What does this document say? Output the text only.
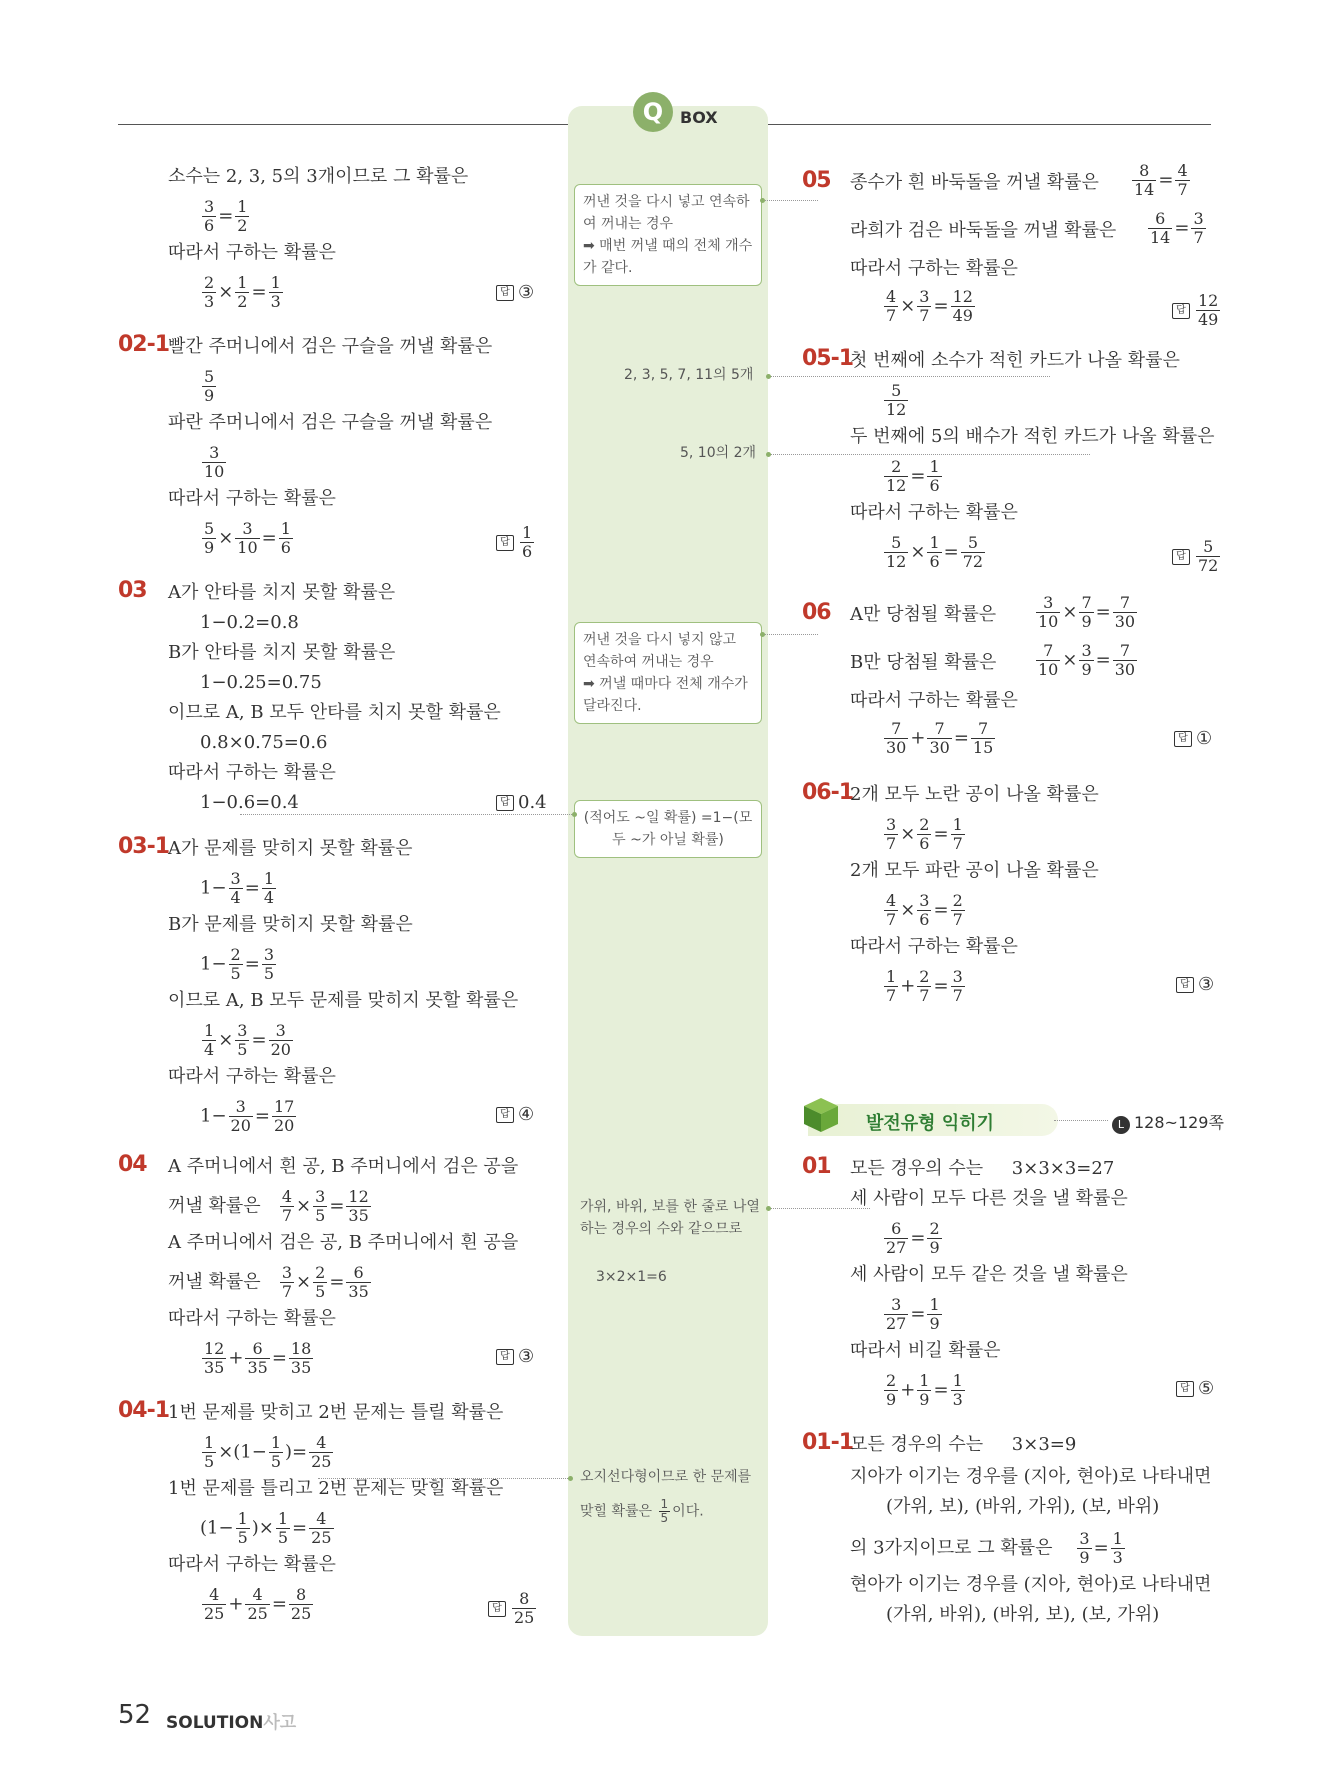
Q	BOX
소수는 2, 3, 5의 3개이므로 그 확률은
$\frac{3}{6} = \frac{1}{2}$
따라서 구하는 확률은
$\frac{2}{3} \times \frac{1}{2} = \frac{1}{3}$	답 ③
02-1
빨간 주머니에서 검은 구슬을 꺼낼 확률은
$\frac{5}{9}$
파란 주머니에서 검은 구슬을 꺼낼 확률은
$\frac{3}{10}$
따라서 구하는 확률은
$\frac{5}{9} \times \frac{3}{10} = \frac{1}{6}$	답 $\frac{1}{6}$
03 A가 안타를 치지 못할 확률은
1−0.2=0.8
B가 안타를 치지 못할 확률은
1−0.25=0.75
이므로 A, B 모두 안타를 치지 못할 확률은
0.8×0.75=0.6
따라서 구하는 확률은
1−0.6=0.4	답 0.4
03-1
A가 문제를 맞히지 못할 확률은
$1- \frac{3}{4} = \frac{1}{4}$
B가 문제를 맞히지 못할 확률은
$1- \frac{2}{5} = \frac{3}{5}$
이므로 A, B 모두 문제를 맞히지 못할 확률은
$\frac{1}{4} \times \frac{3}{5} = \frac{3}{20}$
따라서 구하는 확률은
$1- \frac{3}{20} = \frac{17}{20}$	답 ④
04 A 주머니에서 흰 공, B 주머니에서 검은 공을
꺼낼 확률은 $\frac{4}{7} \times \frac{3}{5} = \frac{12}{35}$
A 주머니에서 검은 공, B 주머니에서 흰 공을
꺼낼 확률은 $\frac{3}{7} \times \frac{2}{5} = \frac{6}{35}$
따라서 구하는 확률은
$\frac{12}{35} + \frac{6}{35} = \frac{18}{35}$	답 ③
04-1
1번 문제를 맞히고 2번 문제는 틀릴 확률은
$\frac{1}{5} \times(1- \frac{1}{5}$ )= $\frac{4}{25}$
1번 문제를 틀리고 2번 문제는 맞힐 확률은
($1- \frac{1}{5}$ )× $\frac{1}{5} = \frac{4}{25}$
따라서 구하는 확률은
$\frac{4}{25} + \frac{4}{25} = \frac{8}{25}$	답 $\frac{8}{25}$
꺼낸 것을 다시 넣고 연속하여 꺼내는 경우
➡ 매번 꺼낼 때의 전체 개수가 같다.
2, 3, 5, 7, 11의 5개
5, 10의 2개
꺼낸 것을 다시 넣지 않고 연속하여 꺼내는 경우
➡ 꺼낼 때마다 전체 개수가 달라진다.
(적어도 ~일 확률) =1−(모두 ~가 아닐 확률)
가위, 바위, 보를 한 줄로 나열하는 경우의 수와 같으므로
3×2×1=6
오지선다형이므로 한 문제를
맞힐 확률은 $\frac{1}{5}$ 이다.
05 종수가 흰 바둑돌을 꺼낼 확률은 $\frac{8}{14} = \frac{4}{7}$
라희가 검은 바둑돌을 꺼낼 확률은 $\frac{6}{14} = \frac{3}{7}$
따라서 구하는 확률은
$\frac{4}{7} \times \frac{3}{7} = \frac{12}{49}$	답 $\frac{12}{49}$
05-1
첫 번째에 소수가 적힌 카드가 나올 확률은
$\frac{5}{12}$
두 번째에 5의 배수가 적힌 카드가 나올 확률은
$\frac{2}{12} = \frac{1}{6}$
따라서 구하는 확률은
$\frac{5}{12} \times \frac{1}{6} = \frac{5}{72}$	답 $\frac{5}{72}$
06 A만 당첨될 확률은 $\frac{3}{10} \times \frac{7}{9} = \frac{7}{30}$
B만 당첨될 확률은 $\frac{7}{10} \times \frac{3}{9} = \frac{7}{30}$
따라서 구하는 확률은
$\frac{7}{30} + \frac{7}{30} = \frac{7}{15}$	답 ①
06-1
2개 모두 노란 공이 나올 확률은
$\frac{3}{7} \times \frac{2}{6} = \frac{1}{7}$
2개 모두 파란 공이 나올 확률은
$\frac{4}{7} \times \frac{3}{6} = \frac{2}{7}$
따라서 구하는 확률은
$\frac{1}{7} + \frac{2}{7} = \frac{3}{7}$	답 ③
발전유형 익히기	L 128~129쪽
01 모든 경우의 수는 3×3×3=27
세 사람이 모두 다른 것을 낼 확률은
$\frac{6}{27} = \frac{2}{9}$
세 사람이 모두 같은 것을 낼 확률은
$\frac{3}{27} = \frac{1}{9}$
따라서 비길 확률은
$\frac{2}{9} + \frac{1}{9} = \frac{1}{3}$	답 ⑤
01-1
모든 경우의 수는 3×3=9
지아가 이기는 경우를 (지아, 현아)로 나타내면
(가위, 보), (바위, 가위), (보, 바위)
의 3가지이므로 그 확률은 $\frac{3}{9} = \frac{1}{3}$
현아가 이기는 경우를 (지아, 현아)로 나타내면
(가위, 바위), (바위, 보), (보, 가위)
52 SOLUTION사고
